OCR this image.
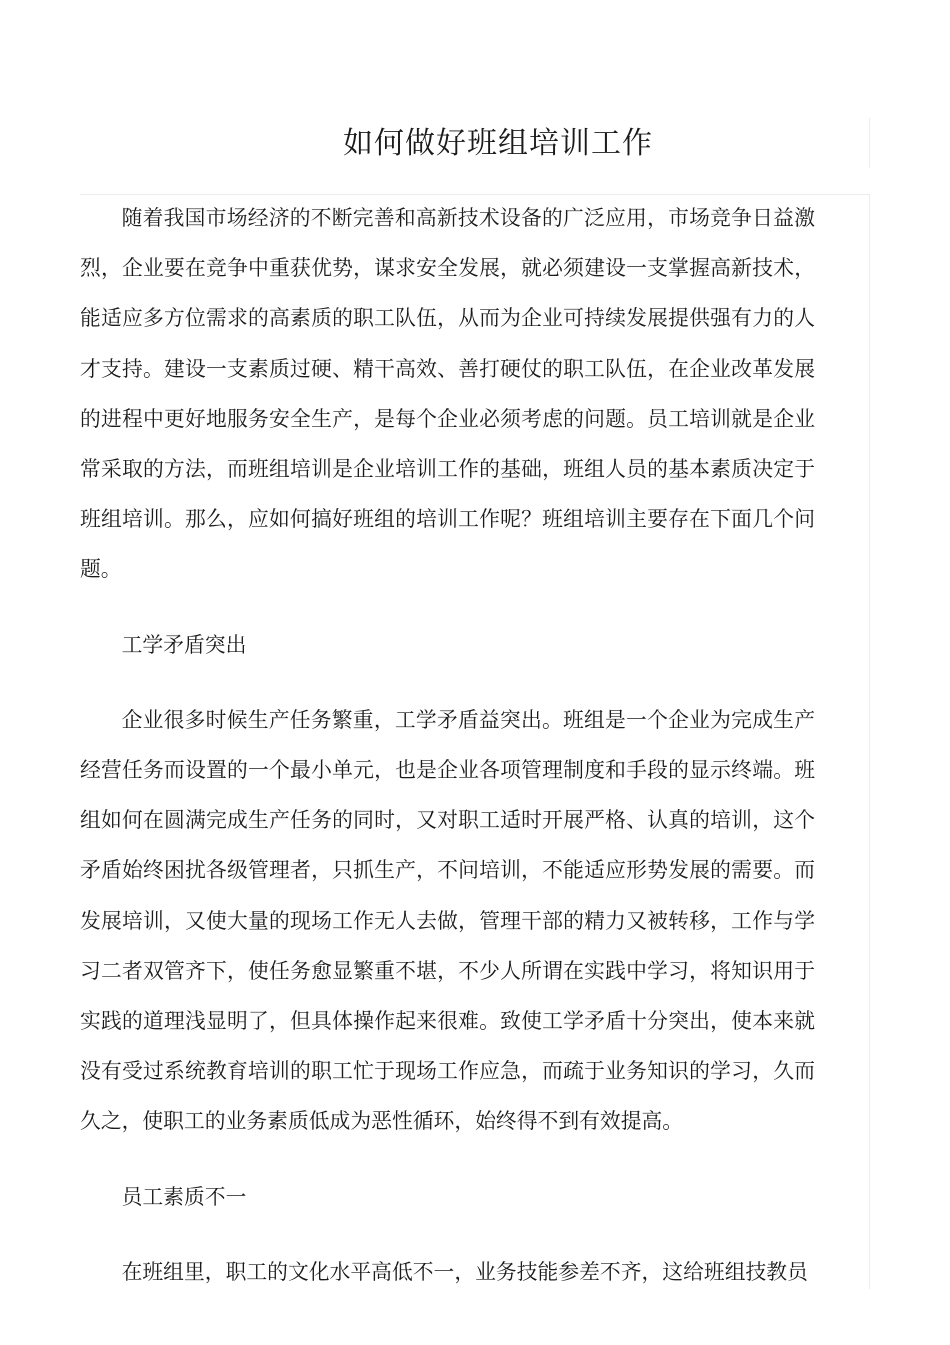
如何做好班组培训工作

随着我国市场经济的不断完善和高新技术设备的广泛应用，市场竞争日益激烈，企业要在竞争中重获优势，谋求安全发展，就必须建设一支掌握高新技术，能适应多方位需求的高素质的职工队伍，从而为企业可持续发展提供强有力的人才支持。建设一支素质过硬、精干高效、善打硬仗的职工队伍，在企业改革发展的进程中更好地服务安全生产，是每个企业必须考虑的问题。员工培训就是企业常采取的方法，而班组培训是企业培训工作的基础，班组人员的基本素质决定于班组培训。那么，应如何搞好班组的培训工作呢？班组培训主要存在下面几个问题。

工学矛盾突出

企业很多时候生产任务繁重，工学矛盾益突出。班组是一个企业为完成生产经营任务而设置的一个最小单元，也是企业各项管理制度和手段的显示终端。班组如何在圆满完成生产任务的同时，又对职工适时开展严格、认真的培训，这个矛盾始终困扰各级管理者，只抓生产，不问培训，不能适应形势发展的需要。而发展培训，又使大量的现场工作无人去做，管理干部的精力又被转移，工作与学习二者双管齐下，使任务愈显繁重不堪，不少人所谓在实践中学习，将知识用于实践的道理浅显明了，但具体操作起来很难。致使工学矛盾十分突出，使本来就没有受过系统教育培训的职工忙于现场工作应急，而疏于业务知识的学习，久而久之，使职工的业务素质低成为恶性循环，始终得不到有效提高。

员工素质不一

在班组里，职工的文化水平高低不一，业务技能参差不齐，这给班组技教员
